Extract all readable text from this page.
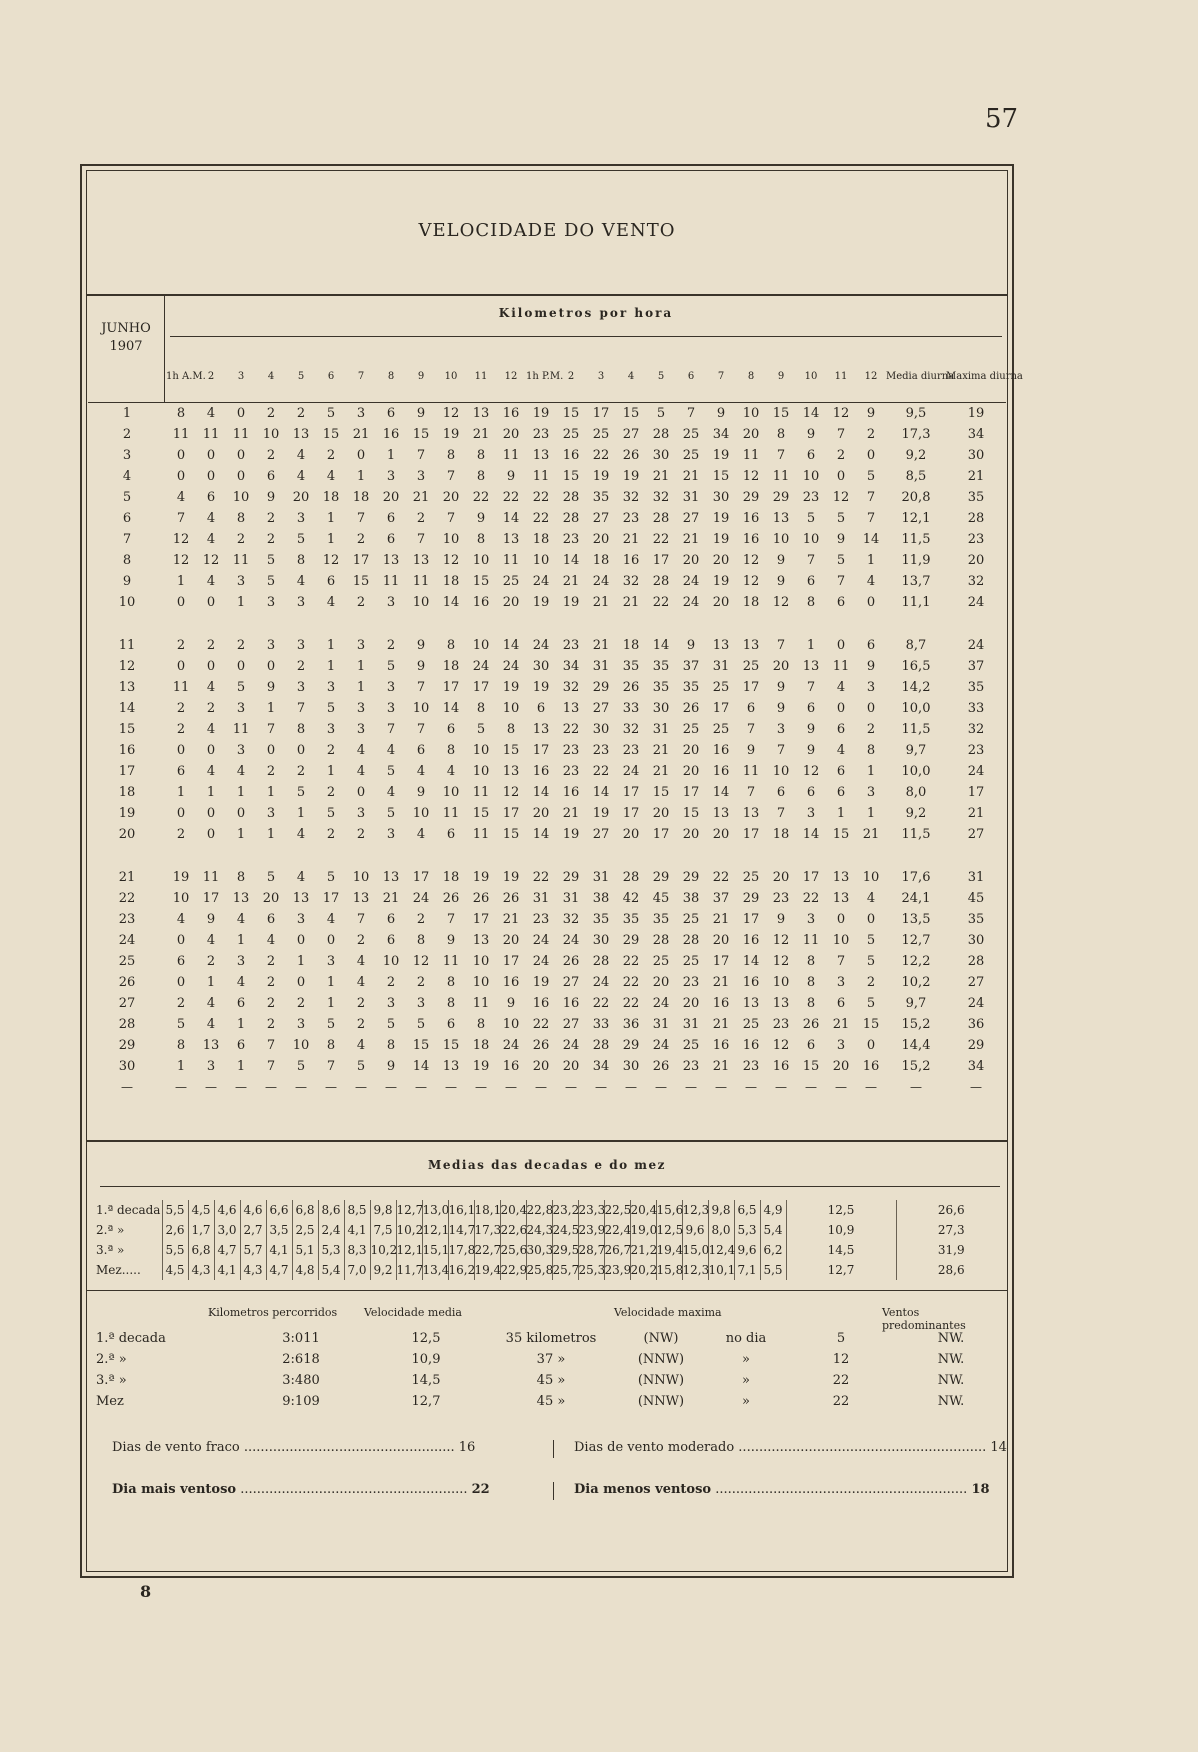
57
VELOCIDADE DO VENTO
JUNHO
1907
Kilometros por hora
	1h A.M.	2	3	4	5	6	7	8	9	10	11	12	1h P.M.	2	3	4	5	6	7	8	9	10	11	12	Media diurna	Maxima diurna
1	8	4	0	2	2	5	3	6	9	12	13	16	19	15	17	15	5	7	9	10	15	14	12	9	9,5	19
2	11	11	11	10	13	15	21	16	15	19	21	20	23	25	25	27	28	25	34	20	8	9	7	2	17,3	34
3	0	0	0	2	4	2	0	1	7	8	8	11	13	16	22	26	30	25	19	11	7	6	2	0	9,2	30
4	0	0	0	6	4	4	1	3	3	7	8	9	11	15	19	19	21	21	15	12	11	10	0	5	8,5	21
5	4	6	10	9	20	18	18	20	21	20	22	22	22	28	35	32	32	31	30	29	29	23	12	7	20,8	35
6	7	4	8	2	3	1	7	6	2	7	9	14	22	28	27	23	28	27	19	16	13	5	5	7	12,1	28
7	12	4	2	2	5	1	2	6	7	10	8	13	18	23	20	21	22	21	19	16	10	10	9	14	11,5	23
8	12	12	11	5	8	12	17	13	13	12	10	11	10	14	18	16	17	20	20	12	9	7	5	1	11,9	20
9	1	4	3	5	4	6	15	11	11	18	15	25	24	21	24	32	28	24	19	12	9	6	7	4	13,7	32
10	0	0	1	3	3	4	2	3	10	14	16	20	19	19	21	21	22	24	20	18	12	8	6	0	11,1	24

11	2	2	2	3	3	1	3	2	9	8	10	14	24	23	21	18	14	9	13	13	7	1	0	6	8,7	24
12	0	0	0	0	2	1	1	5	9	18	24	24	30	34	31	35	35	37	31	25	20	13	11	9	16,5	37
13	11	4	5	9	3	3	1	3	7	17	17	19	19	32	29	26	35	35	25	17	9	7	4	3	14,2	35
14	2	2	3	1	7	5	3	3	10	14	8	10	6	13	27	33	30	26	17	6	9	6	0	0	10,0	33
15	2	4	11	7	8	3	3	7	7	6	5	8	13	22	30	32	31	25	25	7	3	9	6	2	11,5	32
16	0	0	3	0	0	2	4	4	6	8	10	15	17	23	23	23	21	20	16	9	7	9	4	8	9,7	23
17	6	4	4	2	2	1	4	5	4	4	10	13	16	23	22	24	21	20	16	11	10	12	6	1	10,0	24
18	1	1	1	1	5	2	0	4	9	10	11	12	14	16	14	17	15	17	14	7	6	6	6	3	8,0	17
19	0	0	0	3	1	5	3	5	10	11	15	17	20	21	19	17	20	15	13	13	7	3	1	1	9,2	21
20	2	0	1	1	4	2	2	3	4	6	11	15	14	19	27	20	17	20	20	17	18	14	15	21	11,5	27

21	19	11	8	5	4	5	10	13	17	18	19	19	22	29	31	28	29	29	22	25	20	17	13	10	17,6	31
22	10	17	13	20	13	17	13	21	24	26	26	26	31	31	38	42	45	38	37	29	23	22	13	4	24,1	45
23	4	9	4	6	3	4	7	6	2	7	17	21	23	32	35	35	35	25	21	17	9	3	0	0	13,5	35
24	0	4	1	4	0	0	2	6	8	9	13	20	24	24	30	29	28	28	20	16	12	11	10	5	12,7	30
25	6	2	3	2	1	3	4	10	12	11	10	17	24	26	28	22	25	25	17	14	12	8	7	5	12,2	28
26	0	1	4	2	0	1	4	2	2	8	10	16	19	27	24	22	20	23	21	16	10	8	3	2	10,2	27
27	2	4	6	2	2	1	2	3	3	8	11	9	16	16	22	22	24	20	16	13	13	8	6	5	9,7	24
28	5	4	1	2	3	5	2	5	5	6	8	10	22	27	33	36	31	31	21	25	23	26	21	15	15,2	36
29	8	13	6	7	10	8	4	8	15	15	18	24	26	24	28	29	24	25	16	16	12	6	3	0	14,4	29
30	1	3	1	7	5	7	5	9	14	13	19	16	20	20	34	30	26	23	21	23	16	15	20	16	15,2	34
—	—	—	—	—	—	—	—	—	—	—	—	—	—	—	—	—	—	—	—	—	—	—	—	—	—	—
Medias das decadas e do mez
1.ª decada	5,5	4,5	4,6	4,6	6,6	6,8	8,6	8,5	9,8	12,7	13,0	16,1	18,1	20,4	22,8	23,2	23,3	22,5	20,4	15,6	12,3	9,8	6,5	4,9	12,5	26,6
2.ª »	2,6	1,7	3,0	2,7	3,5	2,5	2,4	4,1	7,5	10,2	12,1	14,7	17,3	22,6	24,3	24,5	23,9	22,4	19,0	12,5	9,6	8,0	5,3	5,4	10,9	27,3
3.ª »	5,5	6,8	4,7	5,7	4,1	5,1	5,3	8,3	10,2	12,1	15,1	17,8	22,7	25,6	30,3	29,5	28,7	26,7	21,2	19,4	15,0	12,4	9,6	6,2	14,5	31,9
Mez.....	4,5	4,3	4,1	4,3	4,7	4,8	5,4	7,0	9,2	11,7	13,4	16,2	19,4	22,9	25,8	25,7	25,3	23,9	20,2	15,8	12,3	10,1	7,1	5,5	12,7	28,6
Kilometros percorridos Velocidade media	Velocidade maxima	Ventos predominantes
1.ª decada	3:011	12,5	35 kilometros	(NW)	no dia	5	NW.
2.ª »	2:618	10,9	37 »	(NNW)	»	12	NW.
3.ª »	3:480	14,5	45 »	(NNW)	»	22	NW.
Mez	9:109	12,7	45 »	(NNW)	»	22	NW.
Dias de vento fraco ................................................... 16	Dias de vento moderado ............................................................ 14
Dia mais ventoso ....................................................... 22	Dia menos ventoso ............................................................. 18
8
